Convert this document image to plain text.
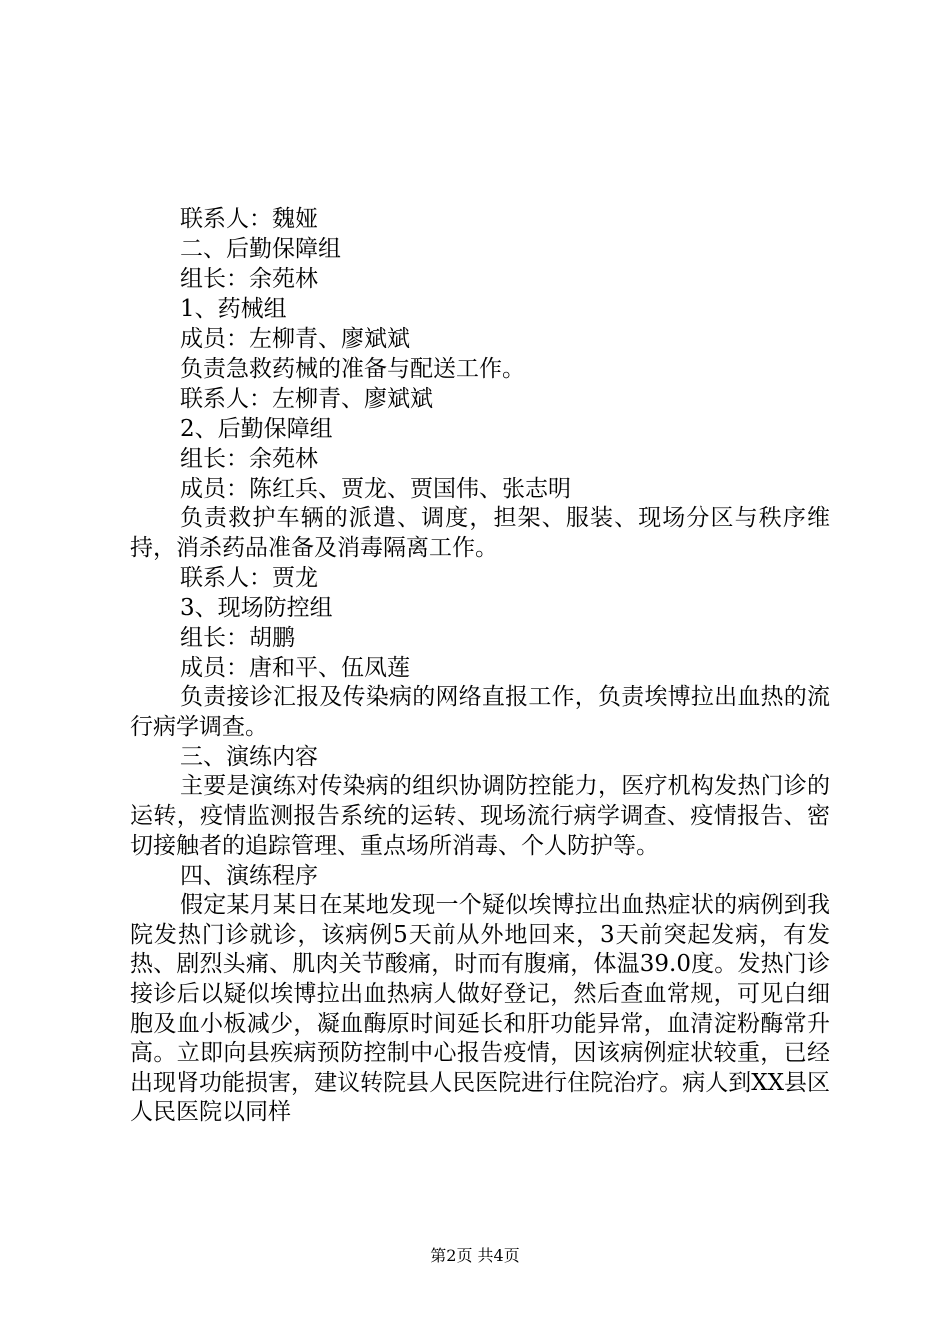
联系人：魏娅
二、后勤保障组
组长：余苑林
1、药械组
成员：左柳青、廖斌斌
负责急救药械的准备与配送工作。
联系人：左柳青、廖斌斌
2、后勤保障组
组长：余苑林
成员：陈红兵、贾龙、贾国伟、张志明

负责救护车辆的派遣、调度，担架、服装、现场分区与秩序维持，消杀药品准备及消毒隔离工作。

联系人：贾龙
3、现场防控组
组长：胡鹏
成员：唐和平、伍凤莲

负责接诊汇报及传染病的网络直报工作，负责埃博拉出血热的流行病学调查。

三、演练内容

主要是演练对传染病的组织协调防控能力，医疗机构发热门诊的运转，疫情监测报告系统的运转、现场流行病学调查、疫情报告、密切接触者的追踪管理、重点场所消毒、个人防护等。

四、演练程序

假定某月某日在某地发现一个疑似埃博拉出血热症状的病例到我院发热门诊就诊，该病例5天前从外地回来，3天前突起发病，有发热、剧烈头痛、肌肉关节酸痛，时而有腹痛，体温39.0度。发热门诊接诊后以疑似埃博拉出血热病人做好登记，然后查血常规，可见白细胞及血小板减少，凝血酶原时间延长和肝功能异常，血清淀粉酶常升高。立即向县疾病预防控制中心报告疫情，因该病例症状较重，已经出现肾功能损害，建议转院县人民医院进行住院治疗。病人到XX县区人民医院以同样

第2页 共4页
